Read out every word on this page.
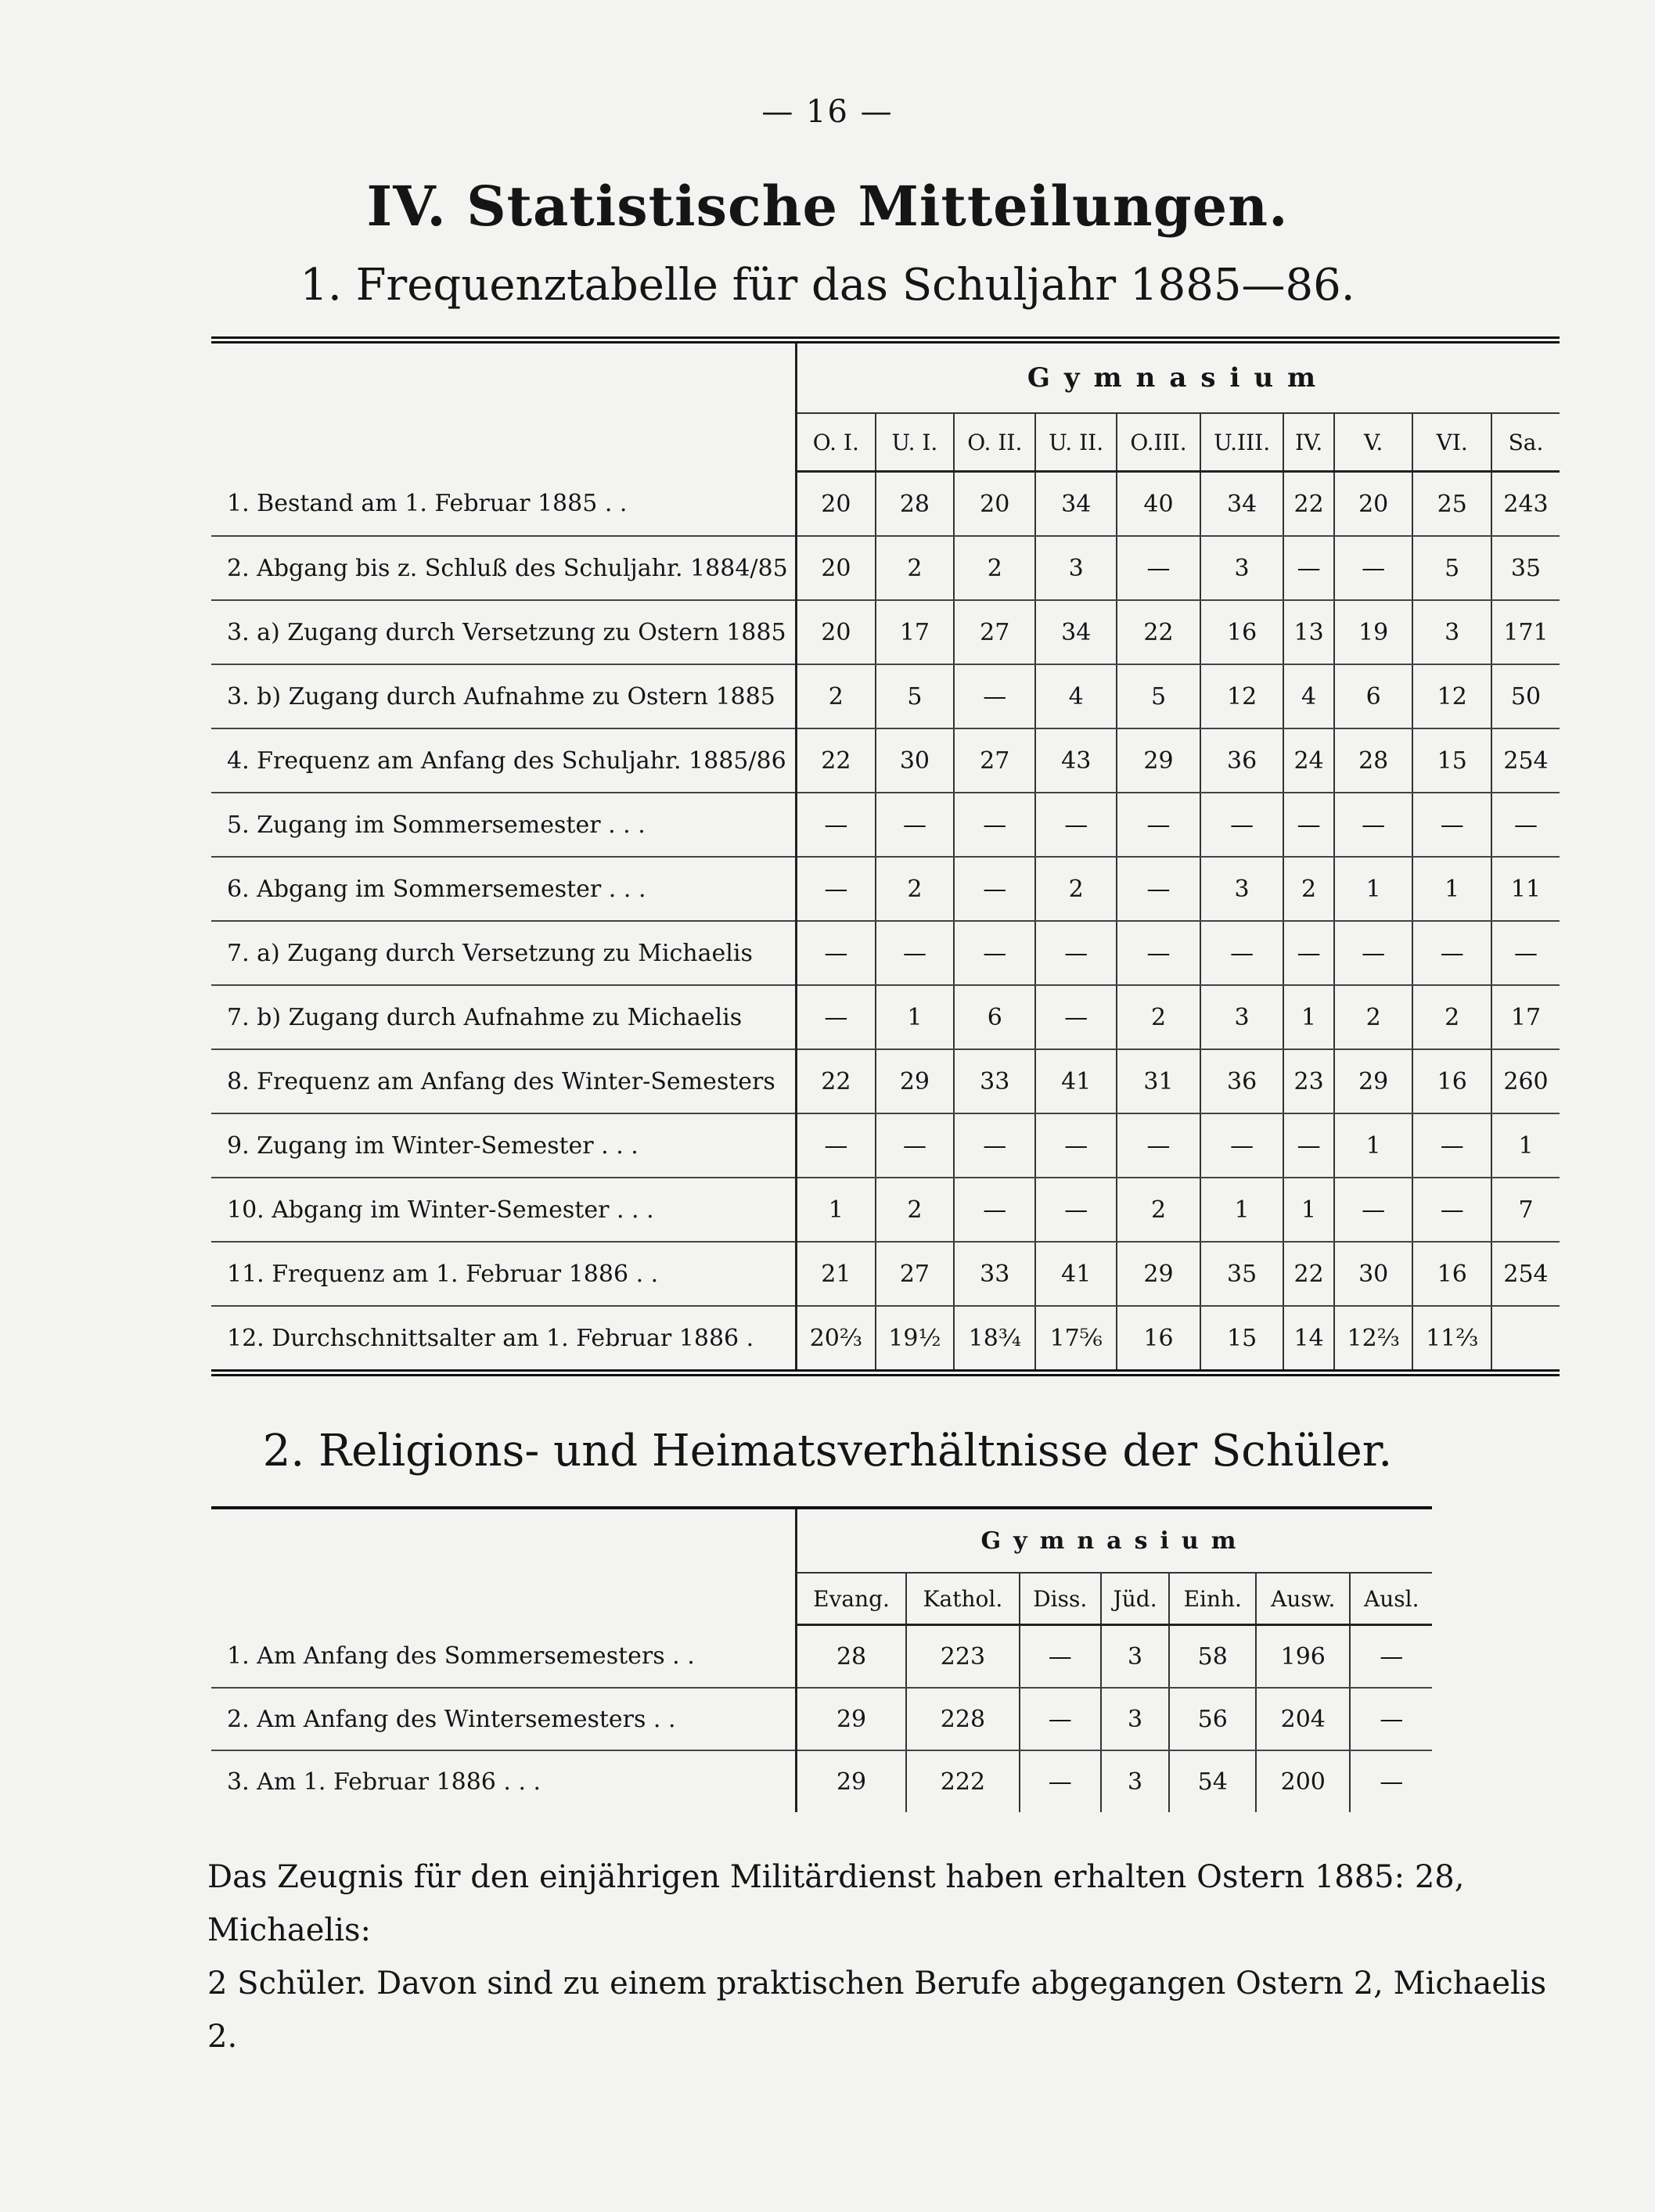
— 16 —
IV. Statistische Mitteilungen.
1. Frequenztabelle für das Schuljahr 1885—86.
	Gymnasium									
	O. I.	U. I.	O. II.	U. II.	O.III.	U.III.	IV.	V.	VI.	Sa.
1. Bestand am 1. Februar 1885 . .	20	28	20	34	40	34	22	20	25	243
2. Abgang bis z. Schluß des Schuljahr. 1884/85	20	2	2	3	—	3	—	—	5	35
3. a) Zugang durch Versetzung zu Ostern 1885	20	17	27	34	22	16	13	19	3	171
3. b) Zugang durch Aufnahme zu Ostern 1885	2	5	—	4	5	12	4	6	12	50
4. Frequenz am Anfang des Schuljahr. 1885/86	22	30	27	43	29	36	24	28	15	254
5. Zugang im Sommersemester . . .	—	—	—	—	—	—	—	—	—	—
6. Abgang im Sommersemester . . .	—	2	—	2	—	3	2	1	1	11
7. a) Zugang durch Versetzung zu Michaelis	—	—	—	—	—	—	—	—	—	—
7. b) Zugang durch Aufnahme zu Michaelis	—	1	6	—	2	3	1	2	2	17
8. Frequenz am Anfang des Winter-Semesters	22	29	33	41	31	36	23	29	16	260
9. Zugang im Winter-Semester . . .	—	—	—	—	—	—	—	1	—	1
10. Abgang im Winter-Semester . . .	1	2	—	—	2	1	1	—	—	7
11. Frequenz am 1. Februar 1886 . .	21	27	33	41	29	35	22	30	16	254
12. Durchschnittsalter am 1. Februar 1886 .	20⅔	19½	18¾	17⅚	16	15	14	12⅔	11⅔	
2. Religions- und Heimatsverhältnisse der Schüler.
	Gymnasium						
	Evang.	Kathol.	Diss.	Jüd.	Einh.	Ausw.	Ausl.
1. Am Anfang des Sommersemesters . .	28	223	—	3	58	196	—
2. Am Anfang des Wintersemesters . .	29	228	—	3	56	204	—
3. Am 1. Februar 1886 . . .	29	222	—	3	54	200	—

Das Zeugnis für den einjährigen Militärdienst haben erhalten Ostern 1885: 28, Michaelis:

2 Schüler. Davon sind zu einem praktischen Berufe abgegangen Ostern 2, Michaelis 2.
